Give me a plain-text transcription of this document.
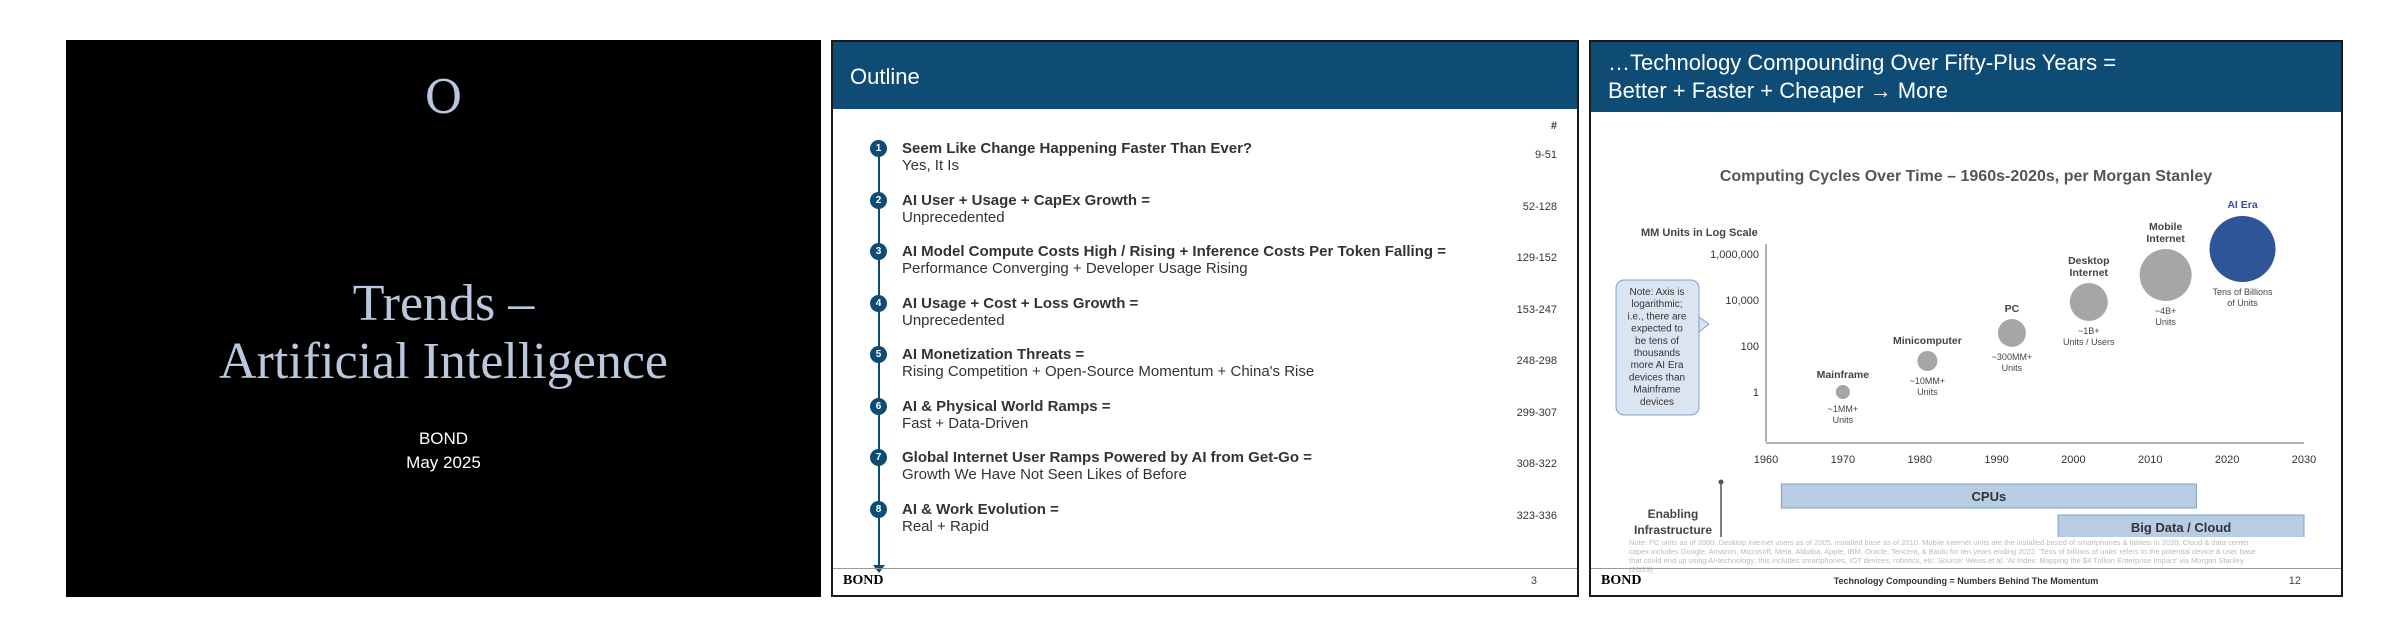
O
Trends –
Artificial Intelligence
BOND
May 2025
Outline
#
1	Seem Like Change Happening Faster Than Ever?
Yes, It Is
9-51
2	AI User + Usage + CapEx Growth =
Unprecedented
52-128
3	AI Model Compute Costs High / Rising + Inference Costs Per Token Falling =
Performance Converging + Developer Usage Rising
129-152
4	AI Usage + Cost + Loss Growth =
Unprecedented
153-247
5	AI Monetization Threats =
Rising Competition + Open-Source Momentum + China's Rise
248-298
6	AI & Physical World Ramps =
Fast + Data-Driven
299-307
7	Global Internet User Ramps Powered by AI from Get-Go =
Growth We Have Not Seen Likes of Before
308-322
8	AI & Work Evolution =
Real + Rapid
323-336
BOND	3
…Technology Compounding Over Fifty-Plus Years =
Better + Faster + Cheaper → More
Computing Cycles Over Time – 1960s-2020s, per Morgan Stanley
MM Units in Log Scale
1,000,000
10,000
100
1
1960	1970	1980	1990	2000	2010	2020	2030
Note: Axis is
logarithmic;
i.e., there are
expected to
be tens of
thousands
more AI Era
devices than
Mainframe
devices
Mainframe
~1MM+
Units
Minicomputer
~10MM+
Units
PC
~300MM+
Units
Desktop
Internet
~1B+
Units / Users
Mobile
Internet
~4B+
Units
AI Era
Tens of Billions
of Units
Enabling
Infrastructure
CPUs
Big Data / Cloud
Note: PC units as of 2000. Desktop internet users as of 2005, installed base as of 2010. Mobile internet units are the installed based of smartphones & tablets in 2020. Cloud & data center capex includes Google, Amazon, Microsoft, Meta, Alibaba, Apple, IBM, Oracle, Tencent, & Baidu for ten years ending 2022. 'Tens of billions of units' refers to the potential device & user base that could end up using AI-technology; this includes smartphones, IOT devices, robotics, etc. Source: Weiss et al. 'AI Index: Mapping the $4 Trillion Enterprise Impact' via Morgan Stanley (10/23)
BOND	Technology Compounding = Numbers Behind The Momentum	12
